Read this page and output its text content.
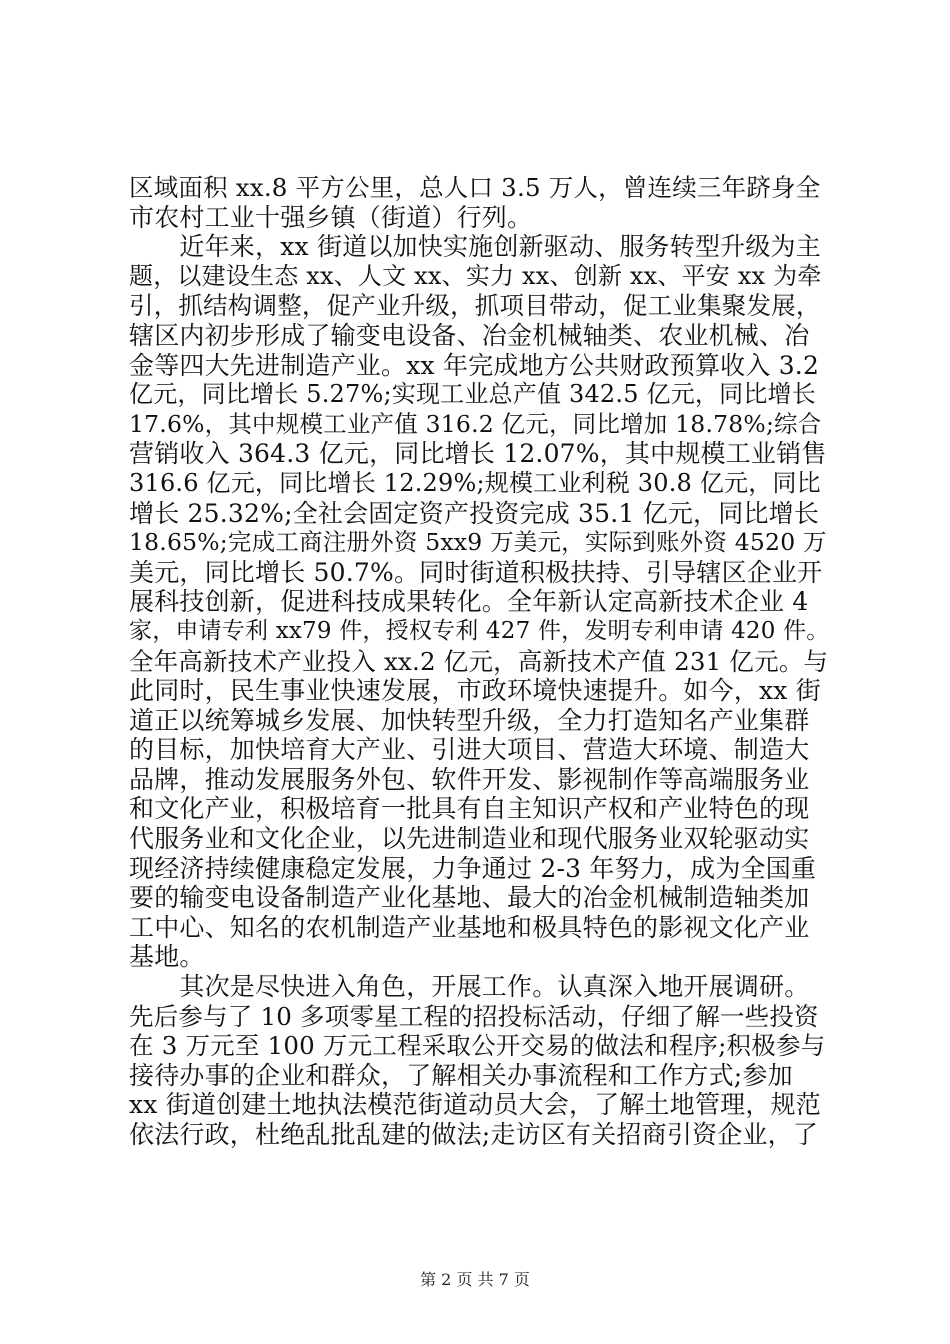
区域面积 xx.8 平方公里，总人口 3.5 万人，曾连续三年跻身全
市农村工业十强乡镇（街道）行列。
　　近年来，xx 街道以加快实施创新驱动、服务转型升级为主
题，以建设生态 xx、人文 xx、实力 xx、创新 xx、平安 xx 为牵
引，抓结构调整，促产业升级，抓项目带动，促工业集聚发展，
辖区内初步形成了输变电设备、冶金机械轴类、农业机械、冶
金等四大先进制造产业。xx 年完成地方公共财政预算收入 3.2
亿元，同比增长 5.27%;实现工业总产值 342.5 亿元，同比增长
17.6%，其中规模工业产值 316.2 亿元，同比增加 18.78%;综合
营销收入 364.3 亿元，同比增长 12.07%，其中规模工业销售
316.6 亿元，同比增长 12.29%;规模工业利税 30.8 亿元，同比
增长 25.32%;全社会固定资产投资完成 35.1 亿元，同比增长
18.65%;完成工商注册外资 5xx9 万美元，实际到账外资 4520 万
美元，同比增长 50.7%。同时街道积极扶持、引导辖区企业开
展科技创新，促进科技成果转化。全年新认定高新技术企业 4
家，申请专利 xx79 件，授权专利 427 件，发明专利申请 420 件。
全年高新技术产业投入 xx.2 亿元，高新技术产值 231 亿元。与
此同时，民生事业快速发展，市政环境快速提升。如今，xx 街
道正以统筹城乡发展、加快转型升级，全力打造知名产业集群
的目标，加快培育大产业、引进大项目、营造大环境、制造大
品牌，推动发展服务外包、软件开发、影视制作等高端服务业
和文化产业，积极培育一批具有自主知识产权和产业特色的现
代服务业和文化企业，以先进制造业和现代服务业双轮驱动实
现经济持续健康稳定发展，力争通过 2-3 年努力，成为全国重
要的输变电设备制造产业化基地、最大的冶金机械制造轴类加
工中心、知名的农机制造产业基地和极具特色的影视文化产业
基地。
　　其次是尽快进入角色，开展工作。认真深入地开展调研。
先后参与了 10 多项零星工程的招投标活动，仔细了解一些投资
在 3 万元至 100 万元工程采取公开交易的做法和程序;积极参与
接待办事的企业和群众，了解相关办事流程和工作方式;参加
xx 街道创建土地执法模范街道动员大会，了解土地管理，规范
依法行政，杜绝乱批乱建的做法;走访区有关招商引资企业，了
第 2 页 共 7 页
